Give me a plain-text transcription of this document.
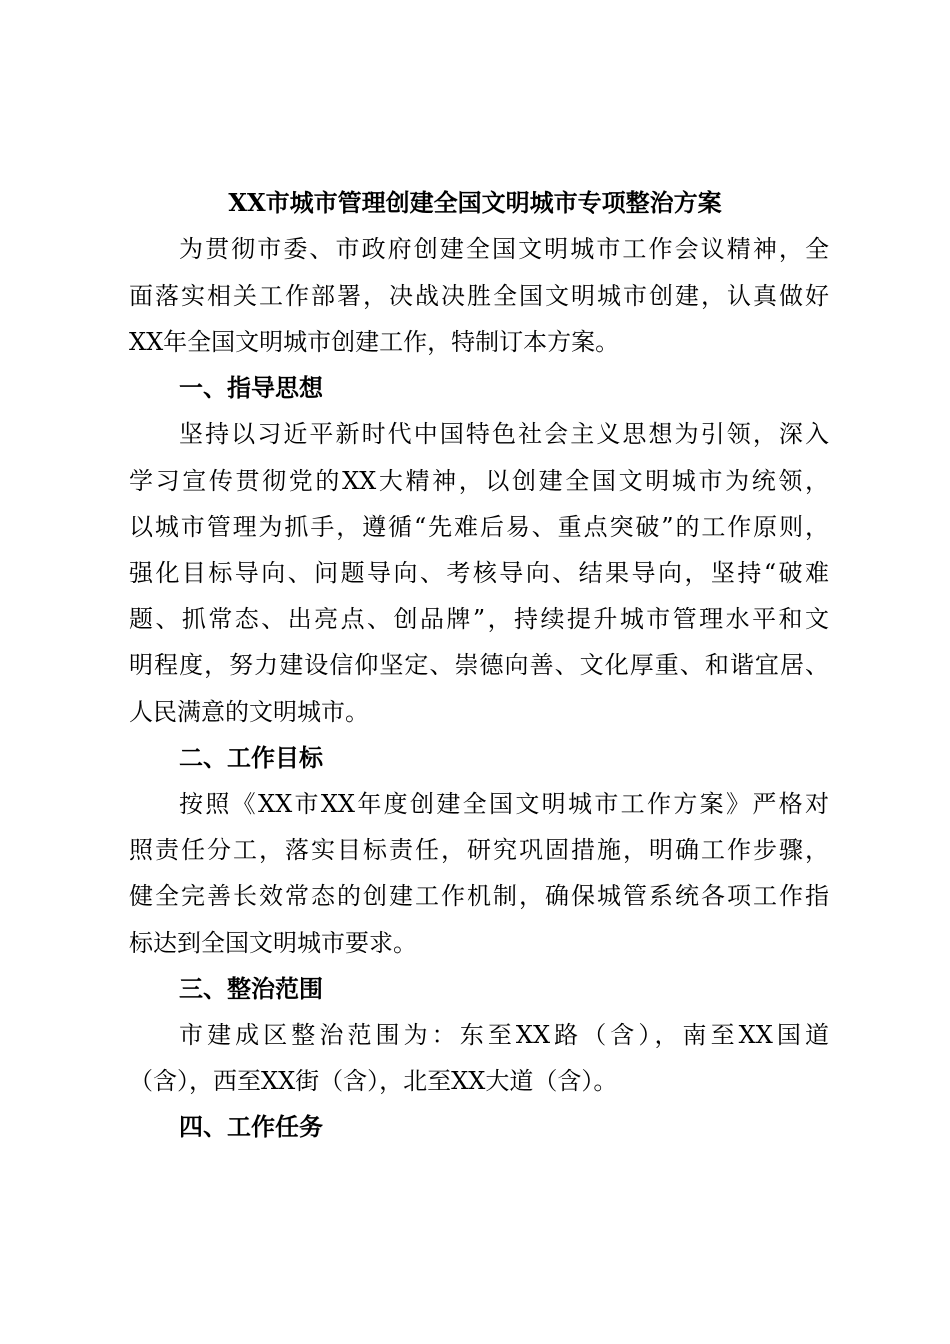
XX市城市管理创建全国文明城市专项整治方案

为贯彻市委、市政府创建全国文明城市工作会议精神，全

面落实相关工作部署，决战决胜全国文明城市创建，认真做好

XX年全国文明城市创建工作，特制订本方案。

一、指导思想

坚持以习近平新时代中国特色社会主义思想为引领，深入

学习宣传贯彻党的XX大精神，以创建全国文明城市为统领，

以城市管理为抓手，遵循“先难后易、重点突破”的工作原则，

强化目标导向、问题导向、考核导向、结果导向，坚持“破难

题、抓常态、出亮点、创品牌”，持续提升城市管理水平和文

明程度，努力建设信仰坚定、崇德向善、文化厚重、和谐宜居、

人民满意的文明城市。

二、工作目标

按照《XX市XX年度创建全国文明城市工作方案》严格对

照责任分工，落实目标责任，研究巩固措施，明确工作步骤，

健全完善长效常态的创建工作机制，确保城管系统各项工作指

标达到全国文明城市要求。

三、整治范围

市建成区整治范围为：东至XX路（含），南至XX国道

（含），西至XX街（含），北至XX大道（含）。

四、工作任务
